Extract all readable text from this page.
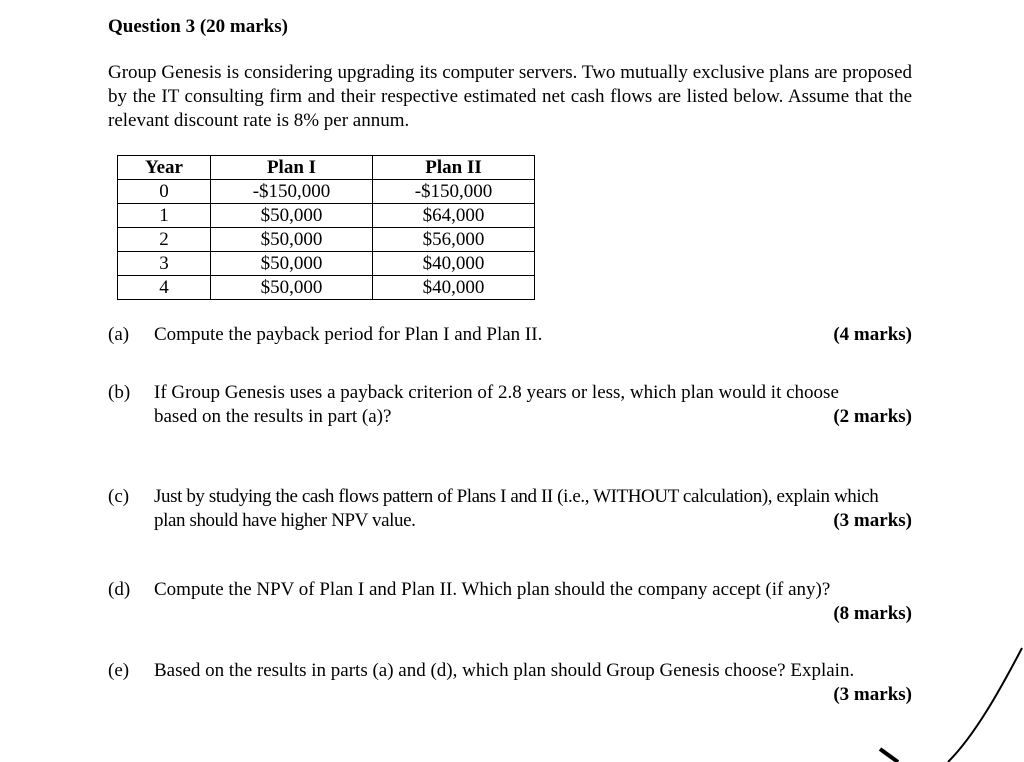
Question 3 (20 marks)

Group Genesis is considering upgrading its computer servers. Two mutually exclusive plans are proposed by the IT consulting firm and their respective estimated net cash flows are listed below. Assume that the relevant discount rate is 8% per annum.

Year	Plan I	Plan II
0	-$150,000	-$150,000
1	$50,000	$64,000
2	$50,000	$56,000
3	$50,000	$40,000
4	$50,000	$40,000
(a) Compute the payback period for Plan I and Plan II.	(4 marks)
(b) If Group Genesis uses a payback criterion of 2.8 years or less, which plan would it choose based on the results in part (a)?	(2 marks)
(c) Just by studying the cash flows pattern of Plans I and II (i.e., WITHOUT calculation), explain which plan should have higher NPV value.	(3 marks)
(d) Compute the NPV of Plan I and Plan II. Which plan should the company accept (if any)?
(8 marks)
(e) Based on the results in parts (a) and (d), which plan should Group Genesis choose? Explain.
(3 marks)
